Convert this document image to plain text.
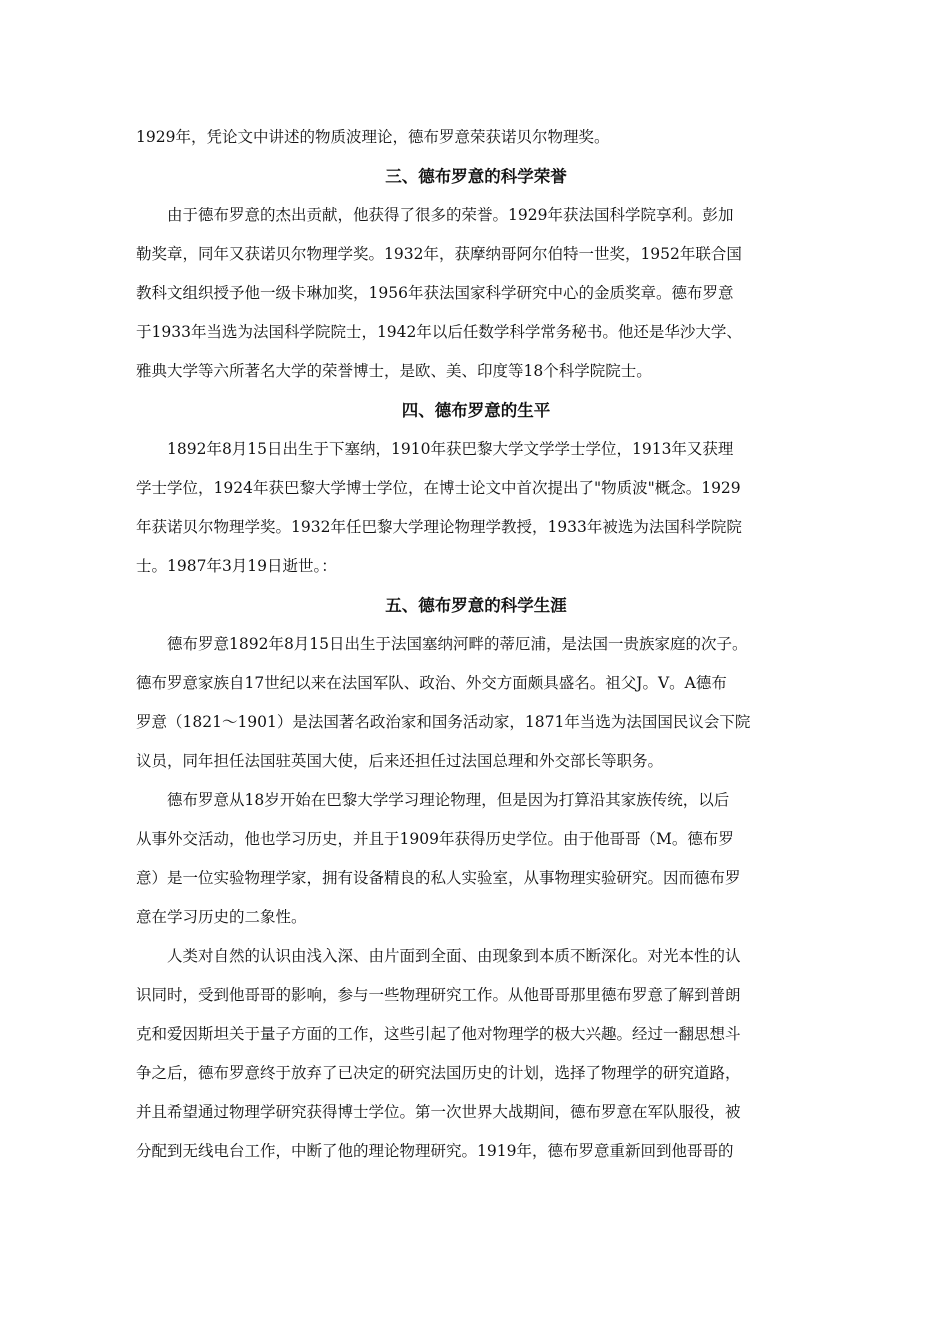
1929年，凭论文中讲述的物质波理论，德布罗意荣获诺贝尔物理奖。
三、德布罗意的科学荣誉
　　由于德布罗意的杰出贡献，他获得了很多的荣誉。1929年获法国科学院享利。彭加
勒奖章，同年又获诺贝尔物理学奖。1932年，获摩纳哥阿尔伯特一世奖，1952年联合国
教科文组织授予他一级卡琳加奖，1956年获法国家科学研究中心的金质奖章。德布罗意
于1933年当选为法国科学院院士，1942年以后任数学科学常务秘书。他还是华沙大学、
雅典大学等六所著名大学的荣誉博士，是欧、美、印度等18个科学院院士。
四、德布罗意的生平
　　1892年8月15日出生于下塞纳，1910年获巴黎大学文学学士学位，1913年又获理
学士学位，1924年获巴黎大学博士学位，在博士论文中首次提出了"物质波"概念。1929
年获诺贝尔物理学奖。1932年任巴黎大学理论物理学教授，1933年被选为法国科学院院
士。1987年3月19日逝世。：
五、德布罗意的科学生涯
　　德布罗意1892年8月15日出生于法国塞纳河畔的蒂厄浦，是法国一贵族家庭的次子。
德布罗意家族自17世纪以来在法国军队、政治、外交方面颇具盛名。祖父J。V。A德布
罗意（1821～1901）是法国著名政治家和国务活动家，1871年当选为法国国民议会下院
议员，同年担任法国驻英国大使，后来还担任过法国总理和外交部长等职务。
　　德布罗意从18岁开始在巴黎大学学习理论物理，但是因为打算沿其家族传统，以后
从事外交活动，他也学习历史，并且于1909年获得历史学位。由于他哥哥（M。德布罗
意）是一位实验物理学家，拥有设备精良的私人实验室，从事物理实验研究。因而德布罗
意在学习历史的二象性。
　　人类对自然的认识由浅入深、由片面到全面、由现象到本质不断深化。对光本性的认
识同时，受到他哥哥的影响，参与一些物理研究工作。从他哥哥那里德布罗意了解到普朗
克和爱因斯坦关于量子方面的工作，这些引起了他对物理学的极大兴趣。经过一翻思想斗
争之后，德布罗意终于放弃了已决定的研究法国历史的计划，选择了物理学的研究道路，
并且希望通过物理学研究获得博士学位。第一次世界大战期间，德布罗意在军队服役，被
分配到无线电台工作，中断了他的理论物理研究。1919年，德布罗意重新回到他哥哥的
